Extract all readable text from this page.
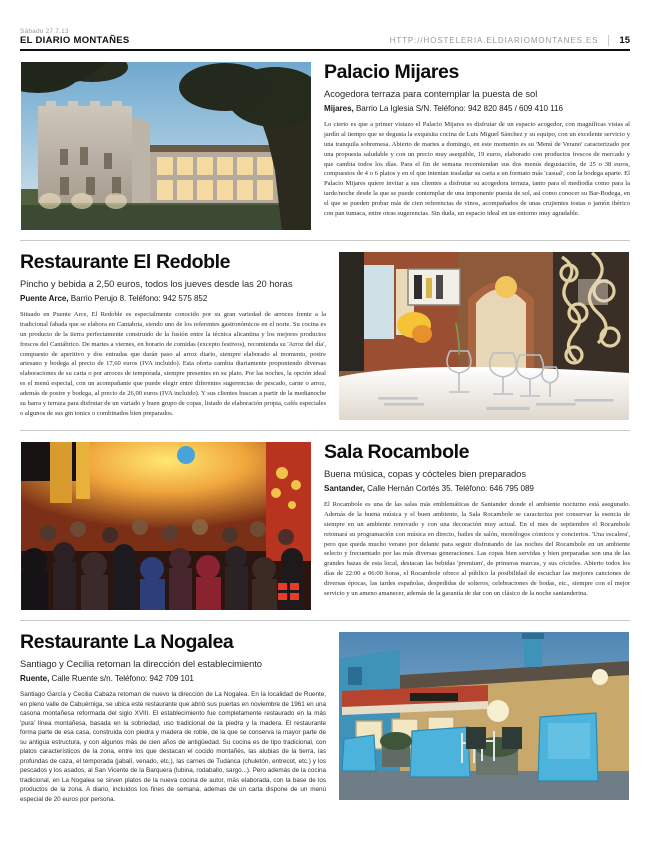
Sábado 27.7.13
EL DIARIO MONTAÑES	HTTP://HOSTELERIA.ELDIARIOMONTANES.ES 15
Palacio Mijares
Acogedora terraza para contemplar la puesta de sol
Mijares, Barrio La Iglesia S/N. Teléfono: 942 820 845 / 609 410 116
Lo cierto es que a primer vistazo el Palacio Mijares es disfrutar de un espacio acogedor, con magníficas vistas al jardín al tiempo que se degusta la exquisita cocina de Luis Miguel Sánchez y su equipo, con un excelente servicio y una tranquila sobremesa. Abierto de martes a domingo, en este momento es su 'Menú de Verano' caracterizado por una propuesta saludable y con un precio muy asequible, 19 euros, elaborado con productos frescos de mercado y que cambia todos los días. Para el fin de semana recomiendan sus dos menús degustación, de 25 o 38 euros, compuestos de 4 o 6 platos y en el que intentan trasladar su carta a un formato más 'casual', con la bodega aparte. El Palacio Mijares quiere invitar a sus clientes a disfrutar su acogedora terraza, tanto para el mediodía como para la tarde/noche desde la que se puede contemplar de una imponente puesta de sol, así como conocer su Bar-Bodega, en el que se pueden probar más de cien referencias de vinos, acompañados de unas crujientes tostas o jamón ibérico con pan tumaca, entre otras sugerencias. Sin duda, un espacio ideal en un entorno muy agradable.
Restaurante El Redoble
Pincho y bebida a 2,50 euros, todos los jueves desde las 20 horas
Puente Arce, Barrio Perujo 8. Teléfono: 942 575 852
Situado en Puente Arce, El Redoble es especialmente conocido por su gran variedad de arroces frente a la tradicional fabada que se elabora en Cantabria, siendo uno de los referentes gastronómicos en el norte. Su cocina es un producto de la tierra perfectamente construido de la fusión entre la técnica alicantina y los mejores productos frescos del Cantábrico. De martes a viernes, en horario de comidas (excepto festivos), recomienda su 'Arroz del día', compuesto de aperitivo y dos entradas que darán paso al arroz diario, siempre elaborado al momento, postre artesano y bodega al precio de 17,60 euros (IVA incluido). Esta oferta cambia diariamente proponiendo diversas elaboraciones de su carta o por arroces de temporada, siempre presentes en su plato. Por las noches, la opción ideal es el menú especial, con un acompañante que puede elegir entre diferentes sugerencias de pescado, carne o arroz, además de postre y bodega, al precio de 26,00 euros (IVA incluido). Y sus clientes buscan a partir de la medianoche su barra y terraza para disfrutar de un variado y buen grupo de copas, listado de elaboración propia, cafés especiales o algunos de sus gin tonics o combinados bien preparados.
Sala Rocambole
Buena música, copas y cócteles bien preparados
Santander, Calle Hernán Cortés 35. Teléfono: 646 795 089
El Rocambole es una de las salas más emblemáticas de Santander donde el ambiente nocturno está asegurado. Además de la buena música y el buen ambiente, la Sala Rocambole se caracteriza por conservar la esencia de siempre en un ambiente renovado y con una decoración muy actual. En el mes de septiembre el Rocambole retomará su programación con música en directo, bailes de salón, monólogos cómicos y conciertos. 'Una escalera', pero que queda mucho verano por delante para seguir disfrutando de las noches del Rocambole en un ambiente selecto y frecuentado por las más diversas generaciones. Las copas bien servidas y bien preparadas son una de las grandes bazas de esta local, destacan las bebidas 'premium', de primeras marcas, y sus cócteles. Abierto todos los días de 22:00 a 06:00 horas, el Rocambole ofrece al público la posibilidad de escuchar las mejores canciones de diversas épocas, las tardes españolas, despedidas de solteros, celebraciones de bodas, etc., siempre con el mejor servicio y un ameno amanecer, además de la garantía de dar con un clásico de la noche santanderina.
Restaurante La Nogalea
Santiago y Cecilia retoman la dirección del establecimiento
Ruente, Calle Ruente s/n. Teléfono: 942 709 101
Santiago García y Cecilia Cabaza retoman de nuevo la dirección de La Nogalea. En la localidad de Ruente, en pleno valle de Cabuérniga, se ubica este restaurante que abrió sus puertas en noviembre de 1961 en una casona montañesa reformada del siglo XVIII. El establecimiento fue completamente restaurado en la más 'pura' línea montañesa, basada en la sobriedad, uso tradicional de la piedra y la madera. El restaurante forma parte de esa casa, construida con piedra y madera de roble, de la que se conserva la mayor parte de su antigua estructura, y con algunos más de cien años de antigüedad. Su cocina es de tipo tradicional, con platos característicos de la zona, entre los que destacan el cocido montañés, las alubias de la tierra, las profundas de caza, el temporada (jabalí, venado, etc.), las carnes de Tudanca (chuletón, entrecot, etc.) y los pescados y los asados, al San Vicente de la Barquera (lubina, rodaballo, sargo...). Pero además de la cocina tradicional, en La Nogalea se sirven platos de la nueva cocina de autor, más elaborada, con la base de los productos de la zona. A diario, incluidos los fines de semana, ademas de un carta dispone de un menú especial de 20 euros por persona.
